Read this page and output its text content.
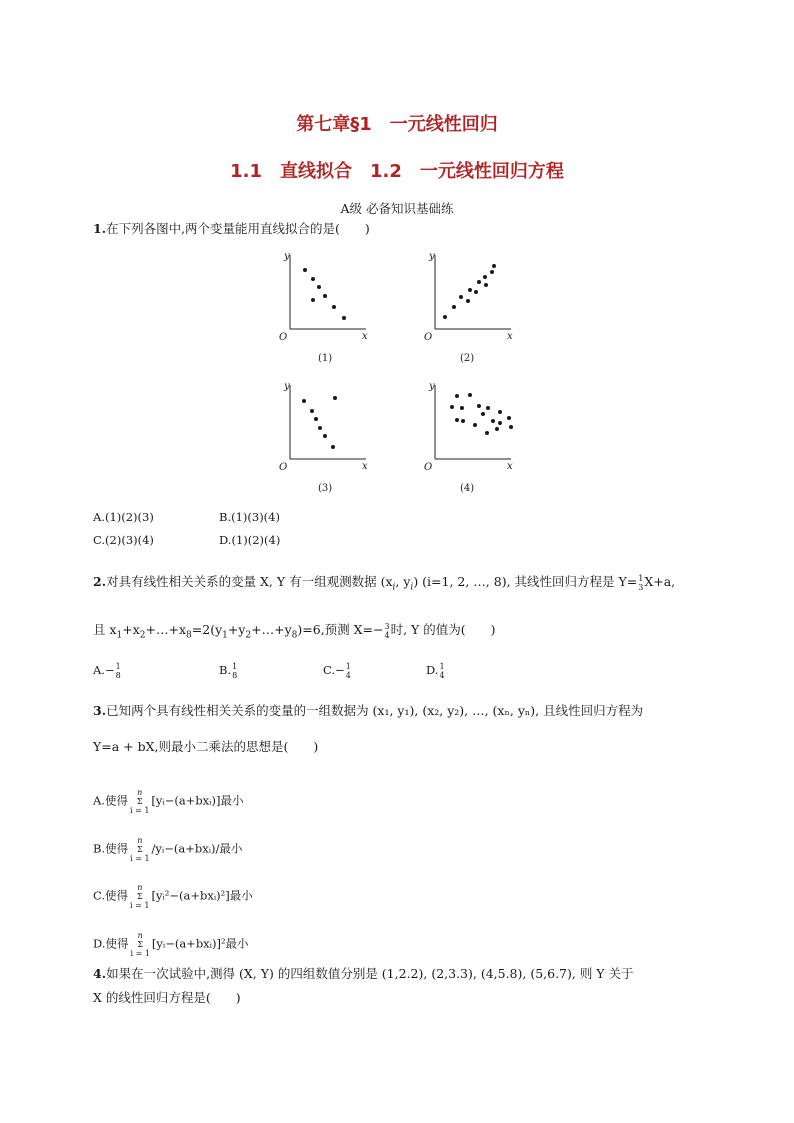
第七章§1　一元线性回归
1.1　直线拟合　1.2　一元线性回归方程
A级 必备知识基础练
1.在下列各图中,两个变量能用直线拟合的是(　　)
y
x
O
(1)
y
x
O
(2)
y
x
O
(3)
y
x
O
(4)
A.(1)(2)(3)	B.(1)(3)(4)
C.(2)(3)(4)	D.(1)(2)(4)
2.对具有线性相关关系的变量 X, Y 有一组观测数据 ($x_i$, $y_i$) (i=1, 2, …, 8), 其线性回归方程是 Y= 1
3 X+a,
且 $x_1+x_2+\dots+x_8=2(y_1+y_2+\dots+y_8)=6$,预测 X=− 3
4 时, Y 的值为(　　)
A.− 1
8	B. 1
8	C.− 1
4	D. 1
4
3.已知两个具有线性相关关系的变量的一组数据为 (x₁, y₁), (x₂, y₂), …, (xₙ, yₙ), 且线性回归方程为
Y=a + bX,则最小二乘法的思想是(　　)
A.使得
n
Σ
i = 1
[yᵢ−(a+bxᵢ)]最小
B.使得
n
Σ
i = 1
/yᵢ−(a+bxᵢ)/最小
C.使得
n
Σ
i = 1
[yᵢ²−(a+bxᵢ)²]最小
D.使得
n
Σ
i = 1
[yᵢ−(a+bxᵢ)]²最小
4.如果在一次试验中,测得 (X, Y) 的四组数值分别是 (1,2.2), (2,3.3), (4,5.8), (5,6.7), 则 Y 关于
X 的线性回归方程是(　　)
